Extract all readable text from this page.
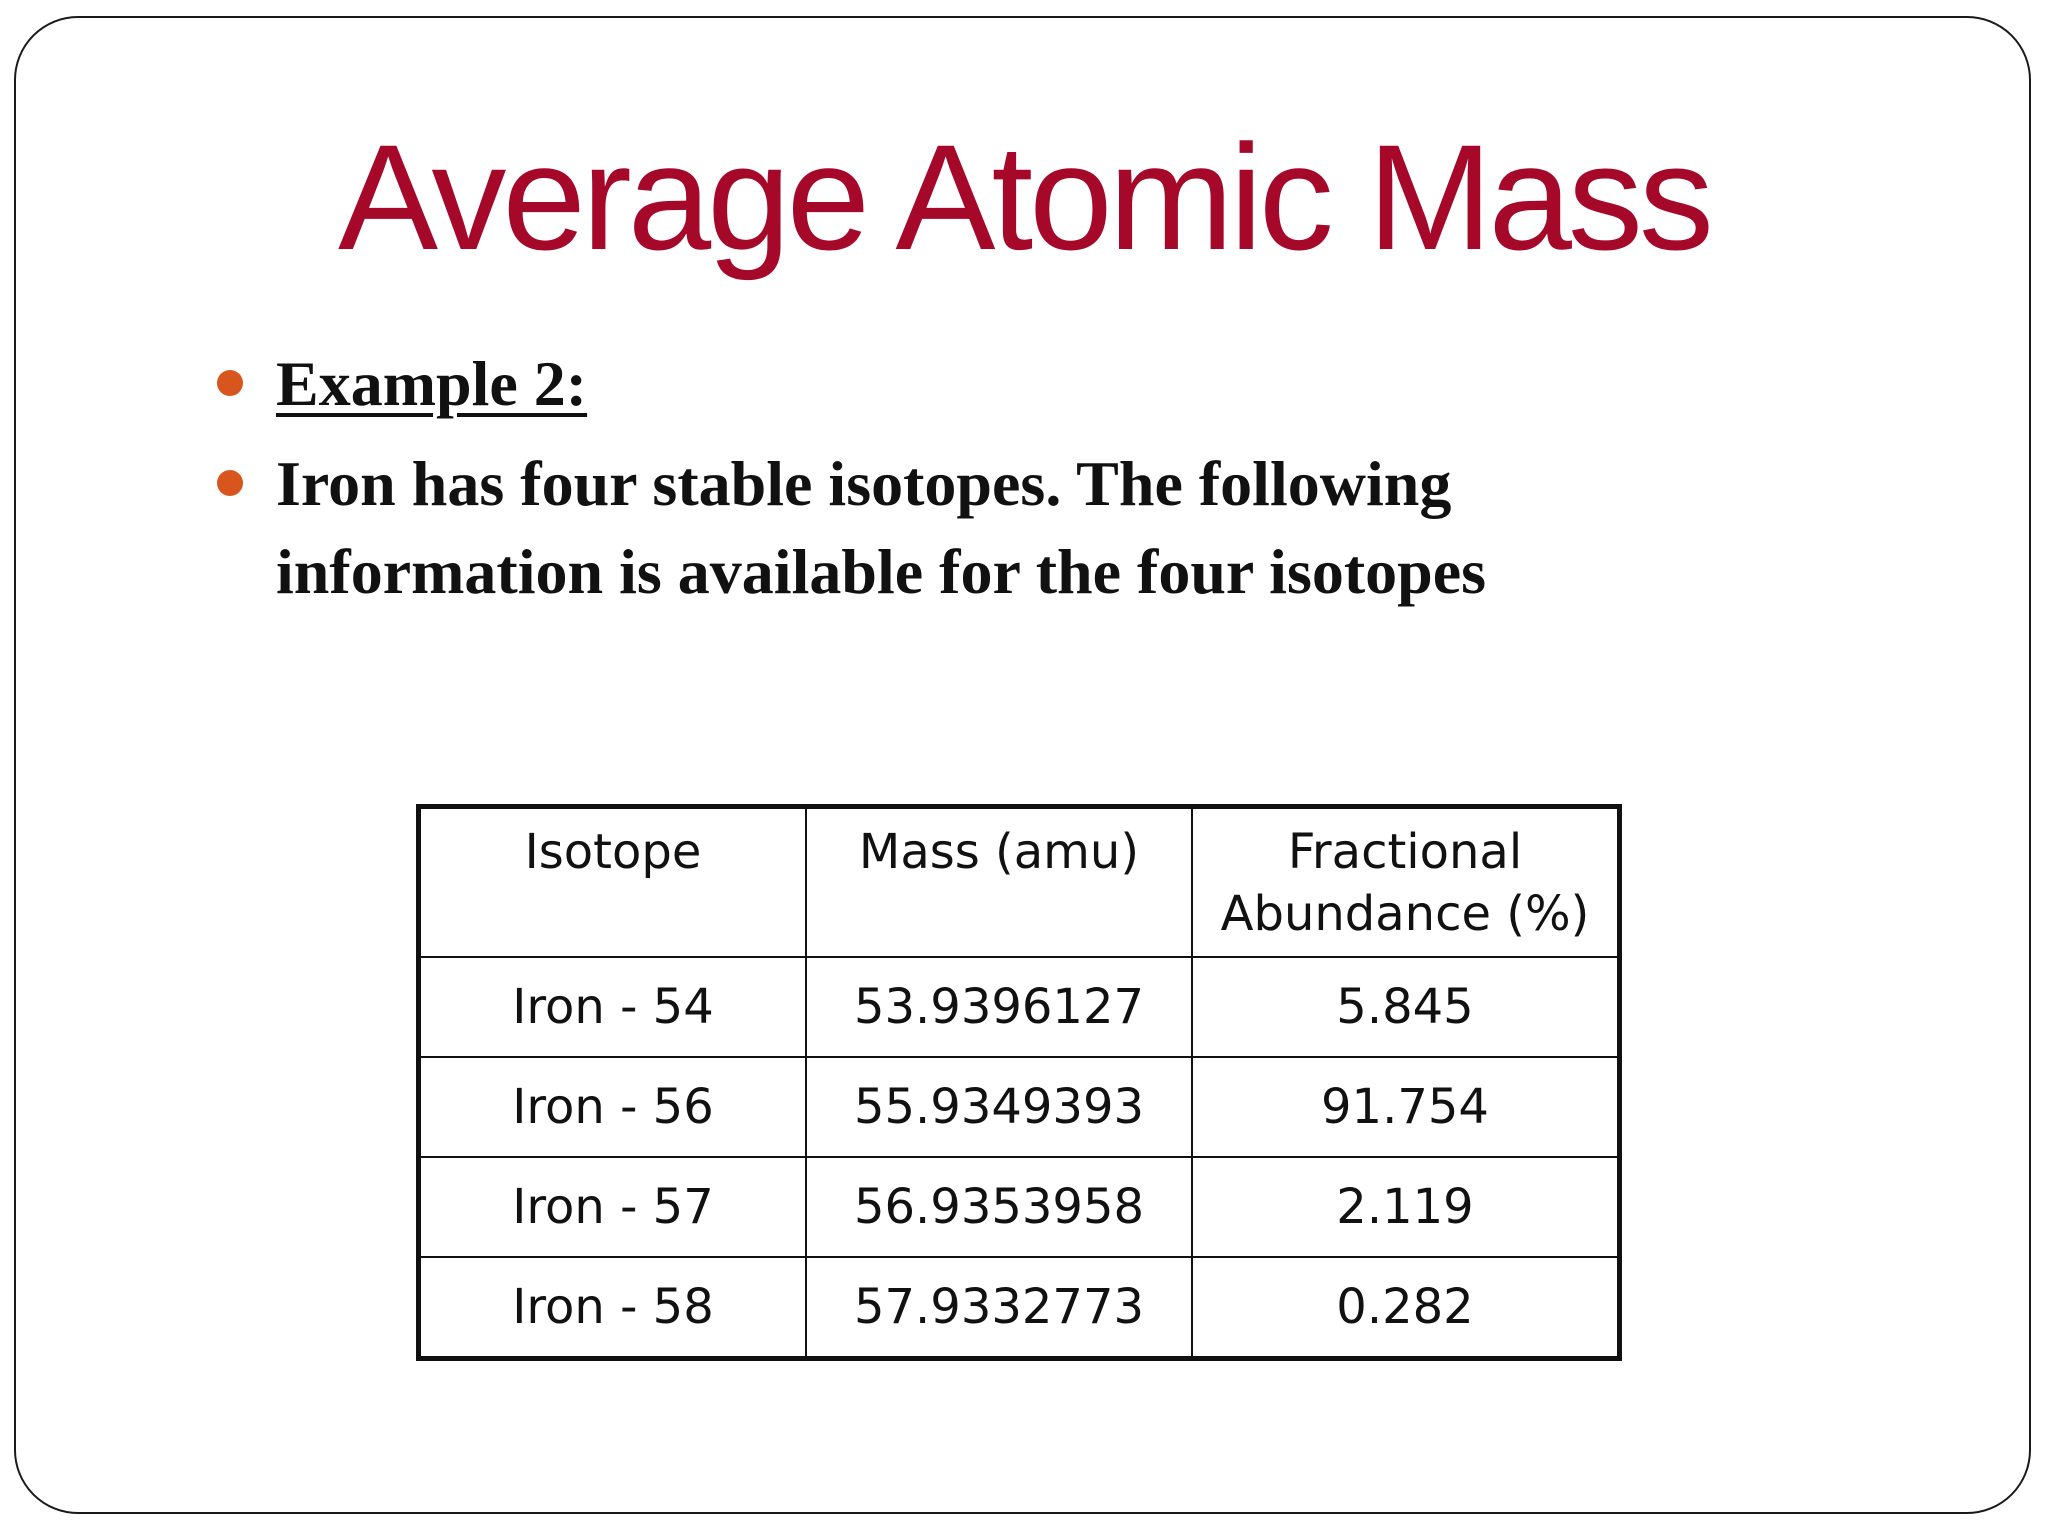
Average Atomic Mass
Example 2:
Iron has four stable isotopes. The following information is available for the four isotopes
Isotope	Mass (amu)	Fractional Abundance (%)
Iron - 54	53.9396127	5.845
Iron - 56	55.9349393	91.754
Iron - 57	56.9353958	2.119
Iron - 58	57.9332773	0.282
